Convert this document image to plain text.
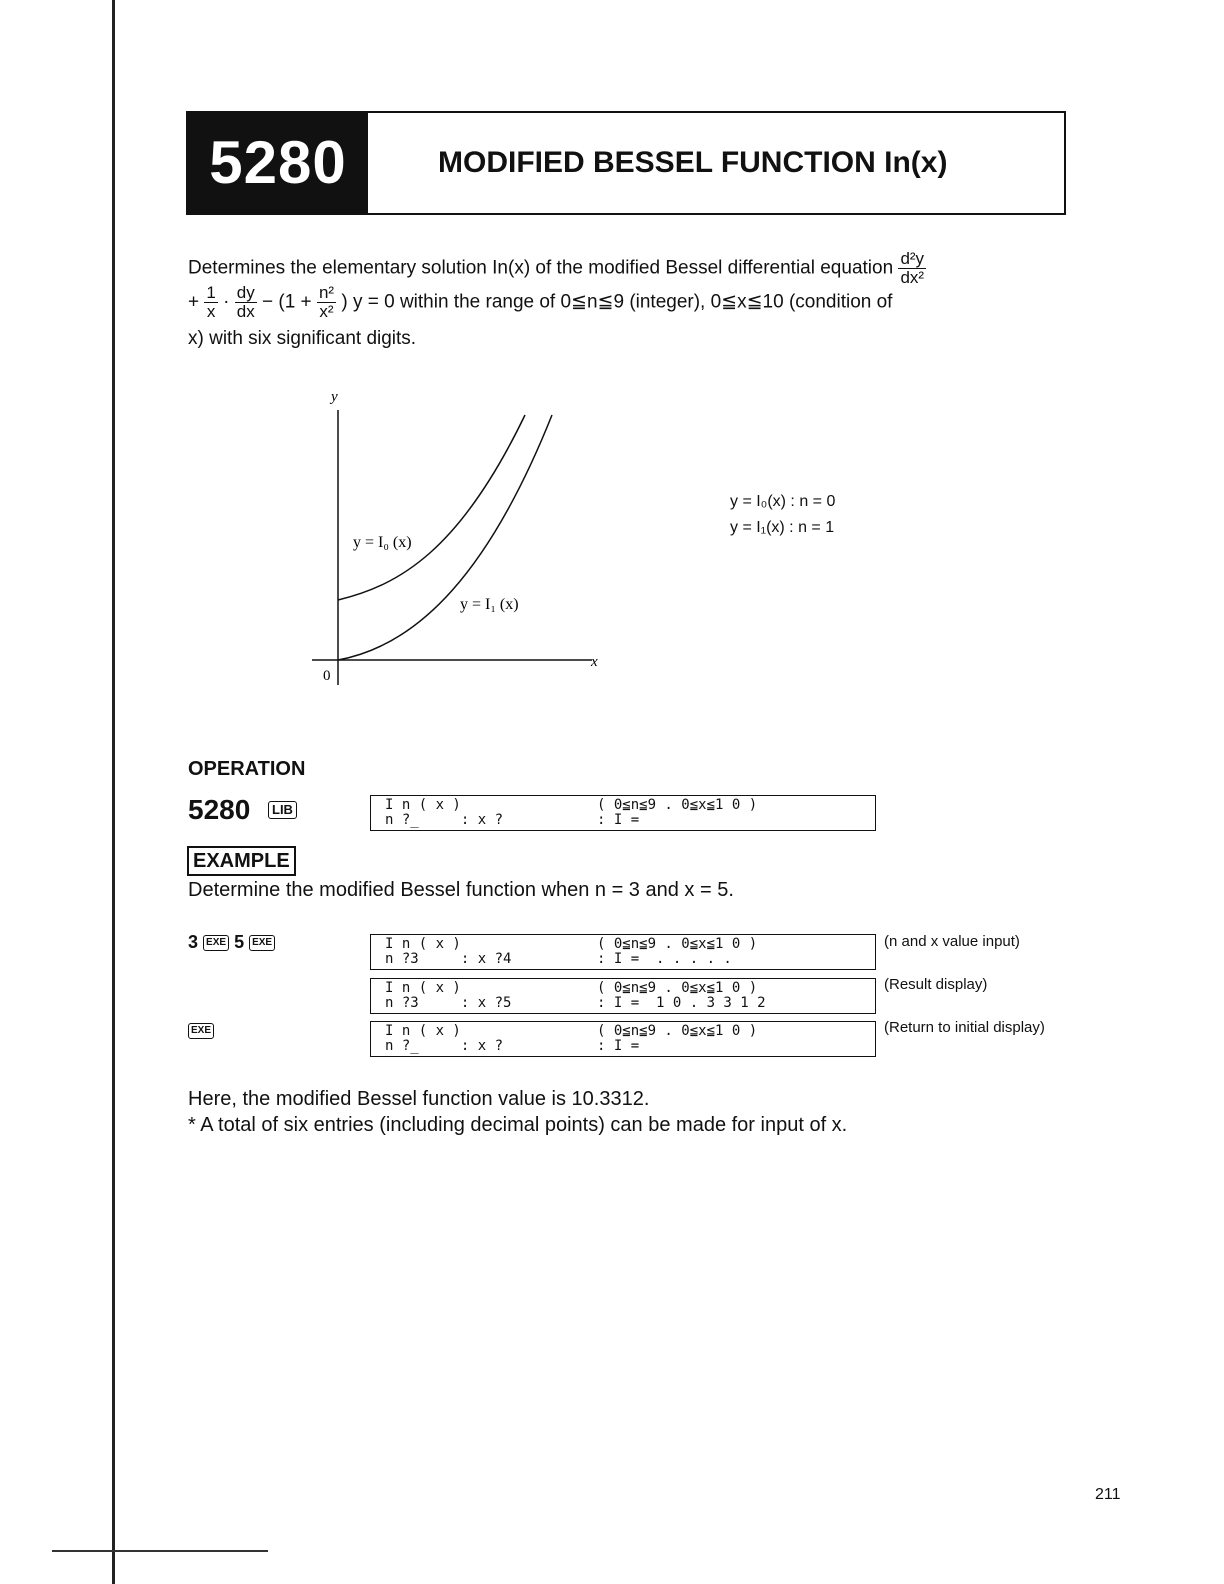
5280	MODIFIED BESSEL FUNCTION In(x)
Determines the elementary solution In(x) of the modified Bessel differential equation $\frac{\text{d²y}}{\text{dx²}}$
+ $\frac{1}{x} \cdot \frac{dy}{dx} - (1 + \frac{\text{n²}}{\text{x²}}$ ) y = 0 within the range of 0≦n≦9 (integer), 0≦x≦10 (condition of
x) with six significant digits.
y
x
0
y = I₀ (x)
y = I₁ (x)
y = I₀(x) : n = 0
y = I₁(x) : n = 1
OPERATION
5280	LIB	I n ( x )	( 0≦n≦9 . 0≦x≦1 0 )
n ?_     : x ?	: I =
EXAMPLE
Determine the modified Bessel function when n = 3 and x = 5.
3 EXE 5 EXE
EXE
I n ( x )	( 0≦n≦9 . 0≦x≦1 0 )
n ?3     : x ?4	: I =  . . . . .
I n ( x )	( 0≦n≦9 . 0≦x≦1 0 )
n ?3     : x ?5	: I =  1 0 . 3 3 1 2
I n ( x )	( 0≦n≦9 . 0≦x≦1 0 )
n ?_     : x ?	: I =
(n and x value input)
(Result display)
(Return to initial display)
Here, the modified Bessel function value is 10.3312.
* A total of six entries (including decimal points) can be made for input of x.
211
